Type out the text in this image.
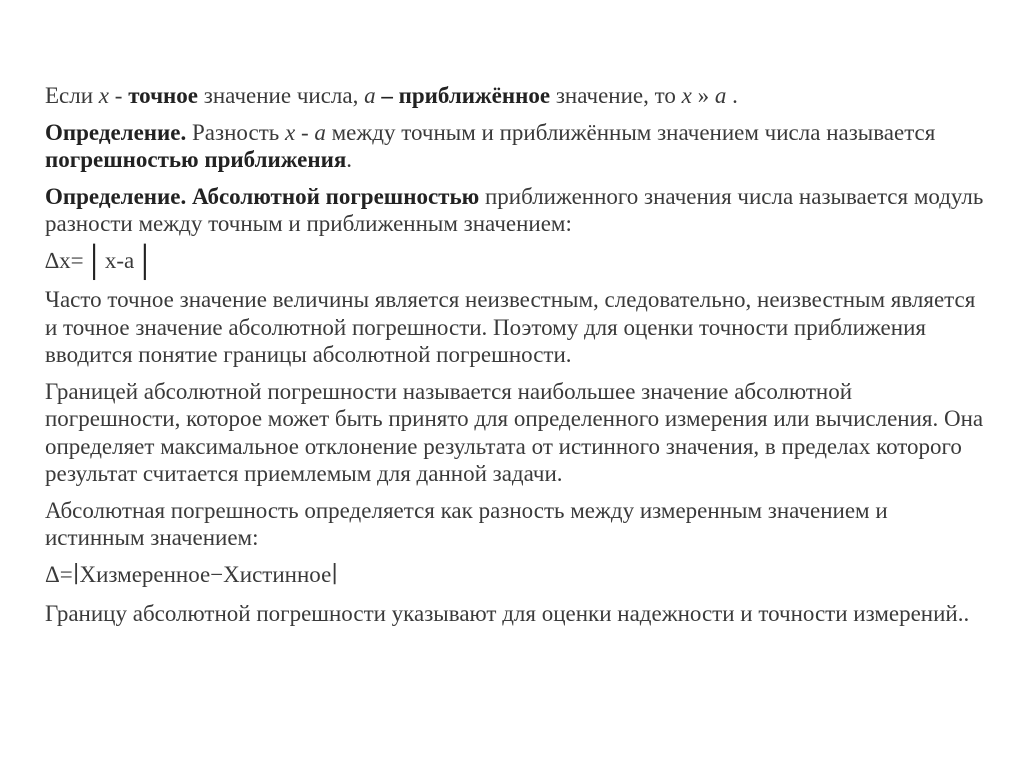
Если x - точное значение числа, a – приближённое значение, то x » a .

Определение. Разность x - a между точным и приближённым значением числа называется погрешностью приближения.

Определение. Абсолютной погрешностью приближенного значения числа называется модуль разности между точным и приближенным значением:

∆x=│x-a│

Часто точное значение величины является неизвестным, следовательно, неизвестным является и точное значение абсолютной погрешности. Поэтому для оценки точности приближения вводится понятие границы абсолютной погрешности.

Границей абсолютной погрешности называется наибольшее значение абсолютной погрешности, которое может быть принято для определенного измерения или вычисления. Она определяет максимальное отклонение результата от истинного значения, в пределах которого результат считается приемлемым для данной задачи.

Абсолютная погрешность определяется как разность между измеренным значением и истинным значением:

Δ=∣Xизмеренное−Xистинное∣

Границу абсолютной погрешности указывают для оценки надежности и точности измерений..
